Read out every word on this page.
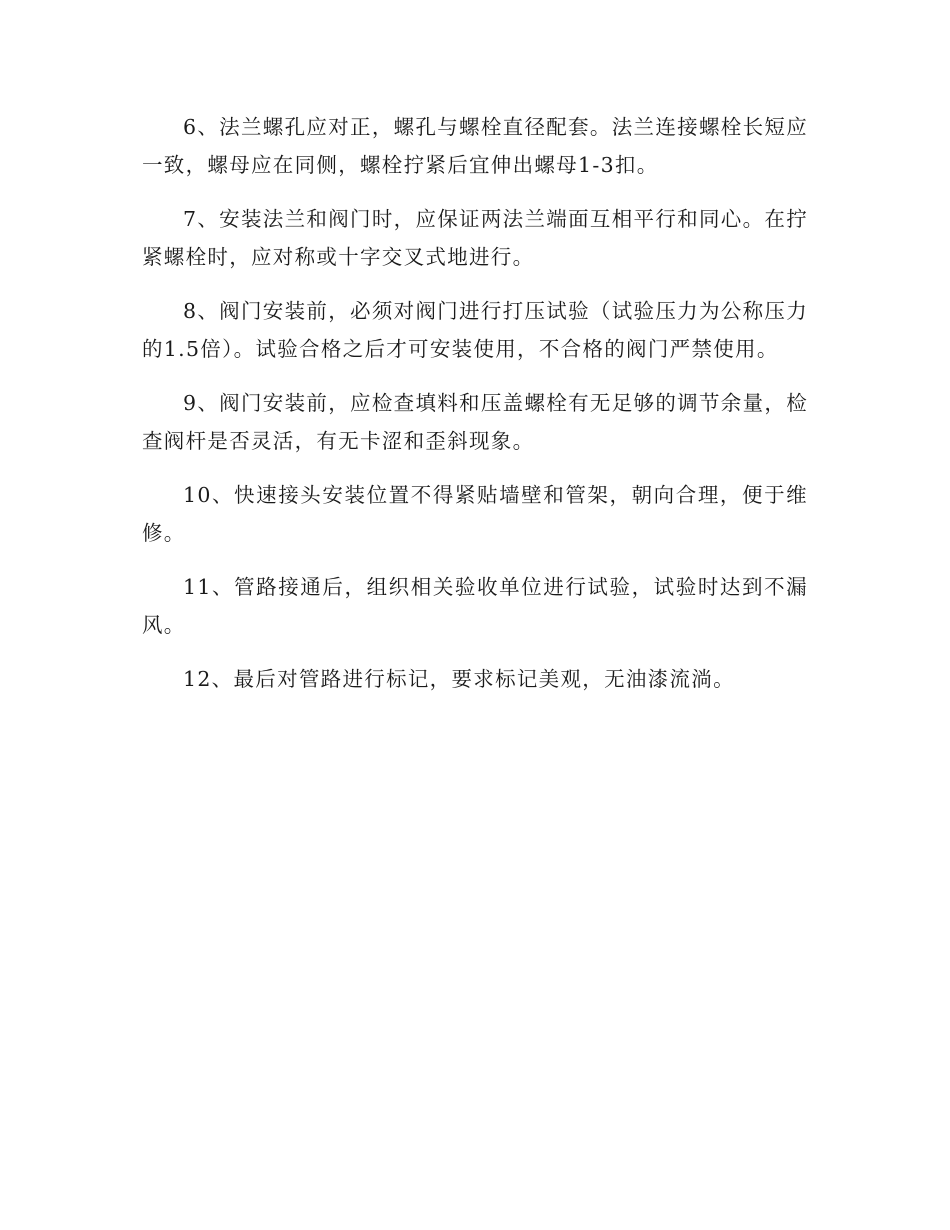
6、法兰螺孔应对正，螺孔与螺栓直径配套。法兰连接螺栓长短应一致，螺母应在同侧，螺栓拧紧后宜伸出螺母1-3扣。

7、安装法兰和阀门时，应保证两法兰端面互相平行和同心。在拧紧螺栓时，应对称或十字交叉式地进行。

8、阀门安装前，必须对阀门进行打压试验（试验压力为公称压力的1.5倍）。试验合格之后才可安装使用，不合格的阀门严禁使用。

9、阀门安装前，应检查填料和压盖螺栓有无足够的调节余量，检查阀杆是否灵活，有无卡涩和歪斜现象。

10、快速接头安装位置不得紧贴墙壁和管架，朝向合理，便于维修。

11、管路接通后，组织相关验收单位进行试验，试验时达到不漏风。

12、最后对管路进行标记，要求标记美观，无油漆流淌。
